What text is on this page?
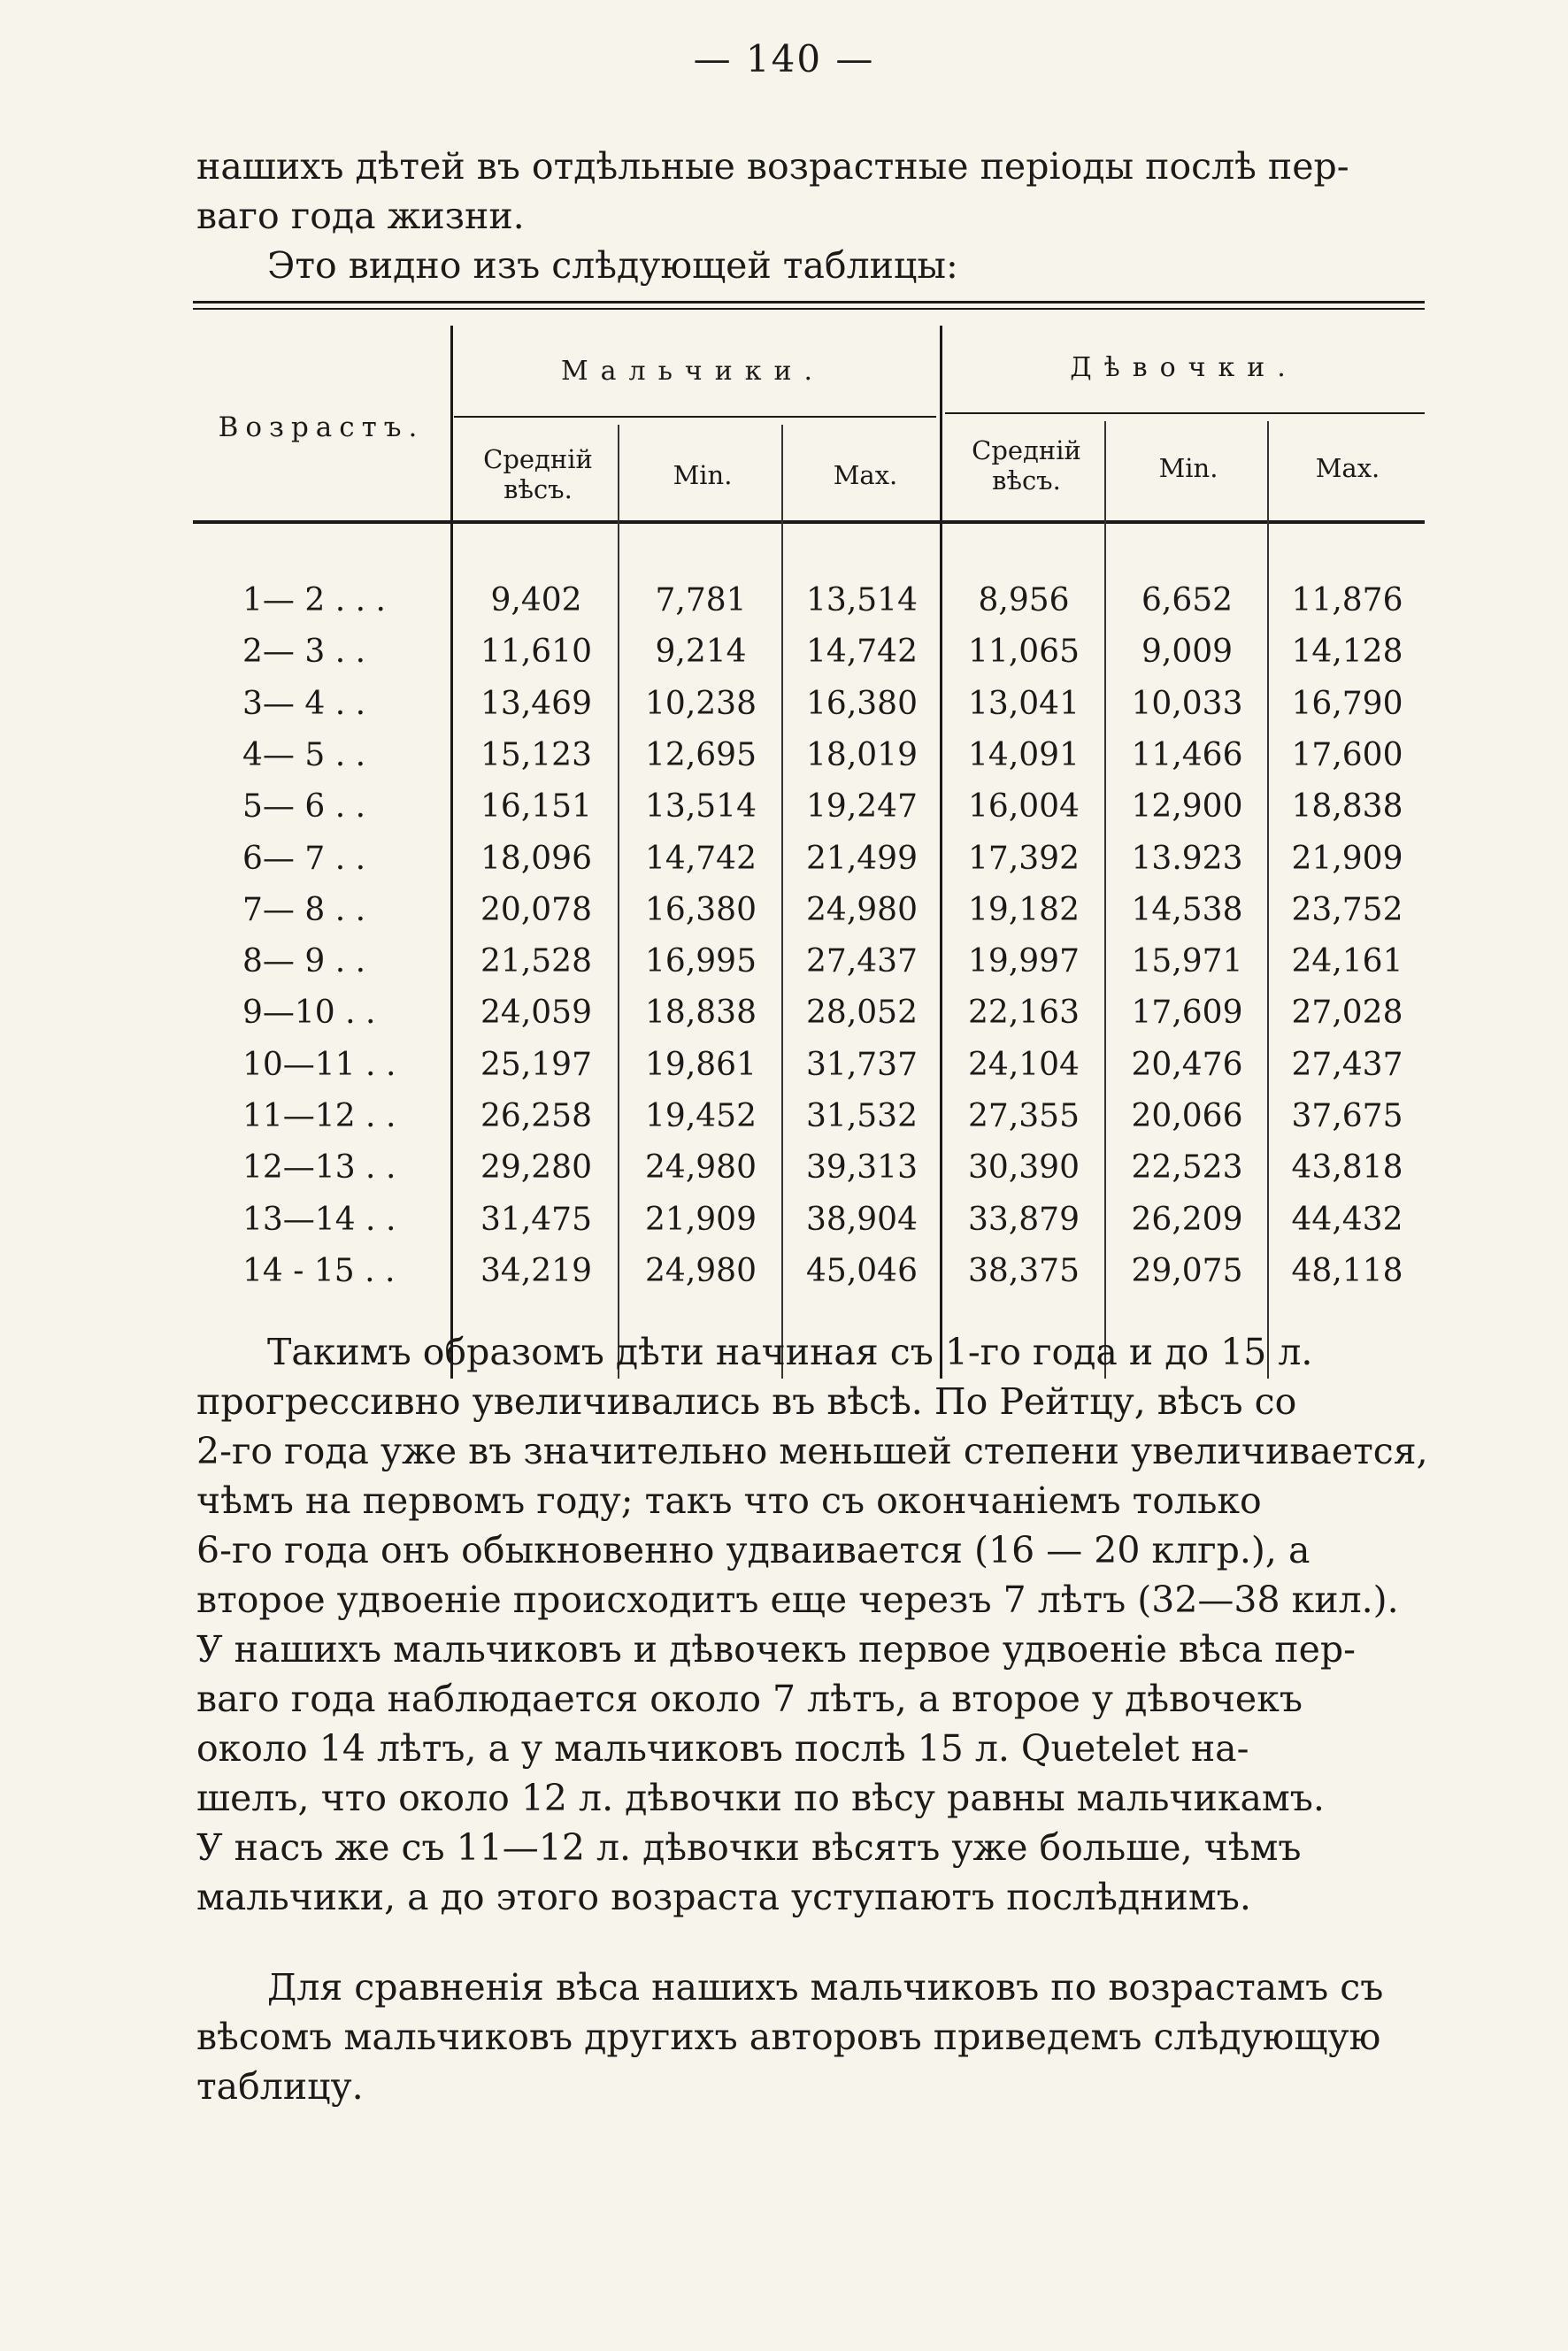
— 140 —
нашихъ дѣтей въ отдѣльные возрастные періоды послѣ пер-
ваго года жизни.
Это видно изъ слѣдующей таблицы:
Возрастъ.
Мальчики.	Дѣвочки.
Средній вѣсъ.	Min.	Max.
Средній вѣсъ.	Min.	Max.
1— 2 . . .	9,402	7,781	13,514	8,956	6,652	11,876
2— 3 . .	11,610	9,214	14,742	11,065	9,009	14,128
3— 4 . .	13,469	10,238	16,380	13,041	10,033	16,790
4— 5 . .	15,123	12,695	18,019	14,091	11,466	17,600
5— 6 . .	16,151	13,514	19,247	16,004	12,900	18,838
6— 7 . .	18,096	14,742	21,499	17,392	13.923	21,909
7— 8 . .	20,078	16,380	24,980	19,182	14,538	23,752
8— 9 . .	21,528	16,995	27,437	19,997	15,971	24,161
9—10 . .	24,059	18,838	28,052	22,163	17,609	27,028
10—11 . .	25,197	19,861	31,737	24,104	20,476	27,437
11—12 . .	26,258	19,452	31,532	27,355	20,066	37,675
12—13 . .	29,280	24,980	39,313	30,390	22,523	43,818
13—14 . .	31,475	21,909	38,904	33,879	26,209	44,432
14 - 15 . .	34,219	24,980	45,046	38,375	29,075	48,118
Такимъ образомъ дѣти начиная съ 1-го года и до 15 л.
прогрессивно увеличивались въ вѣсѣ. По Рейтцу, вѣсъ со
2-го года уже въ значительно меньшей степени увеличивается,
чѣмъ на первомъ году; такъ что съ окончаніемъ только
6-го года онъ обыкновенно удваивается (16 — 20 клгр.), а
второе удвоеніе происходитъ еще черезъ 7 лѣтъ (32—38 кил.).
У нашихъ мальчиковъ и дѣвочекъ первое удвоеніе вѣса пер-
ваго года наблюдается около 7 лѣтъ, а второе у дѣвочекъ
около 14 лѣтъ, а у мальчиковъ послѣ 15 л. Quetelet на-
шелъ, что около 12 л. дѣвочки по вѣсу равны мальчикамъ.
У насъ же съ 11—12 л. дѣвочки вѣсятъ уже больше, чѣмъ
мальчики, а до этого возраста уступаютъ послѣднимъ.
Для сравненія вѣса нашихъ мальчиковъ по возрастамъ съ
вѣсомъ мальчиковъ другихъ авторовъ приведемъ слѣдующую
таблицу.
